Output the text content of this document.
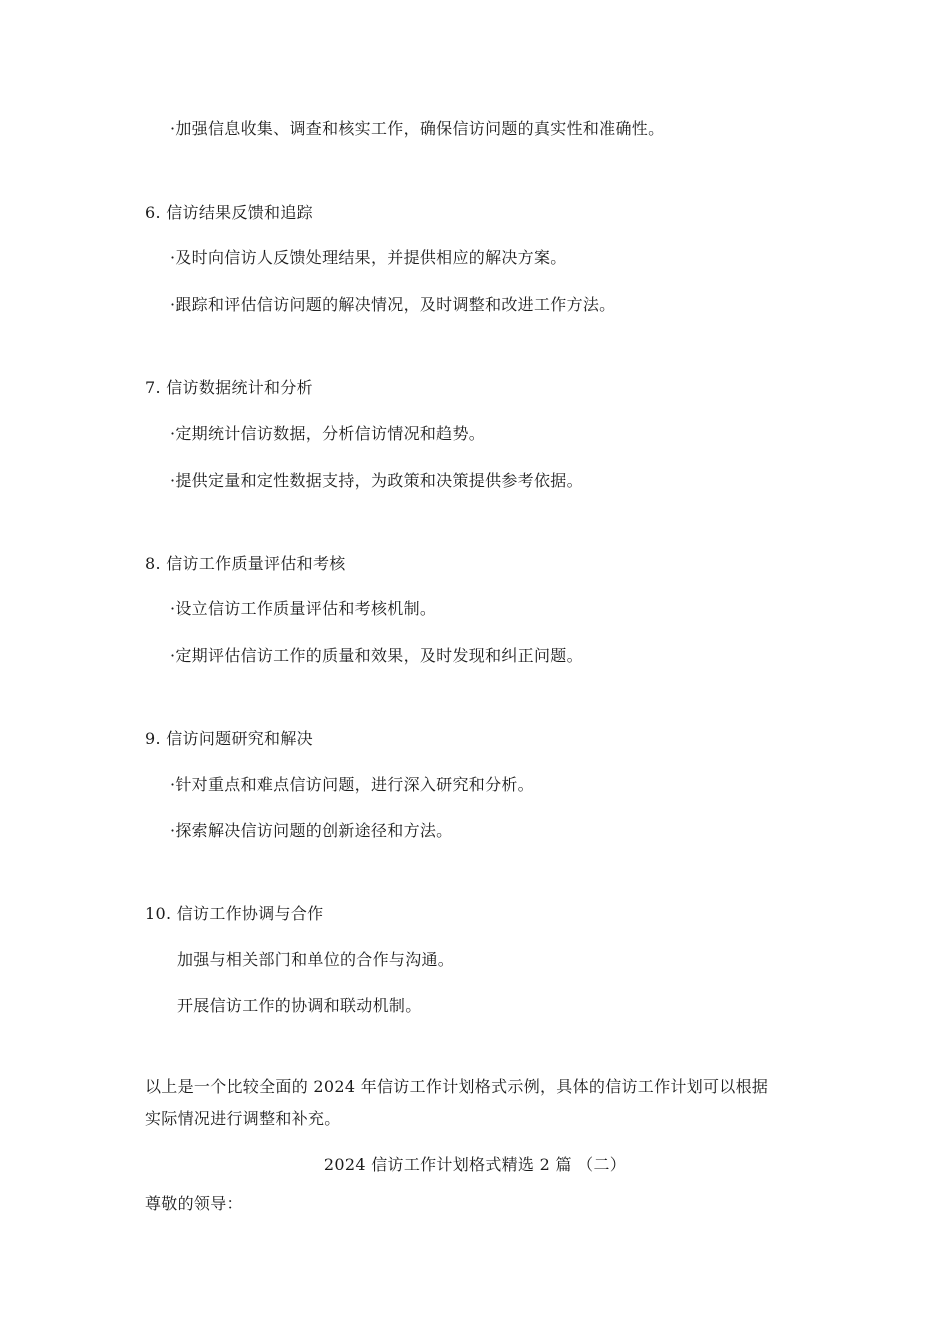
·加强信息收集、调查和核实工作，确保信访问题的真实性和准确性。
6. 信访结果反馈和追踪
·及时向信访人反馈处理结果，并提供相应的解决方案。
·跟踪和评估信访问题的解决情况，及时调整和改进工作方法。
7. 信访数据统计和分析
·定期统计信访数据，分析信访情况和趋势。
·提供定量和定性数据支持，为政策和决策提供参考依据。
8. 信访工作质量评估和考核
·设立信访工作质量评估和考核机制。
·定期评估信访工作的质量和效果，及时发现和纠正问题。
9. 信访问题研究和解决
·针对重点和难点信访问题，进行深入研究和分析。
·探索解决信访问题的创新途径和方法。
10. 信访工作协调与合作
加强与相关部门和单位的合作与沟通。
开展信访工作的协调和联动机制。
以上是一个比较全面的 2024 年信访工作计划格式示例，具体的信访工作计划可以根据
实际情况进行调整和补充。
2024 信访工作计划格式精选 2 篇 （二）
尊敬的领导：
